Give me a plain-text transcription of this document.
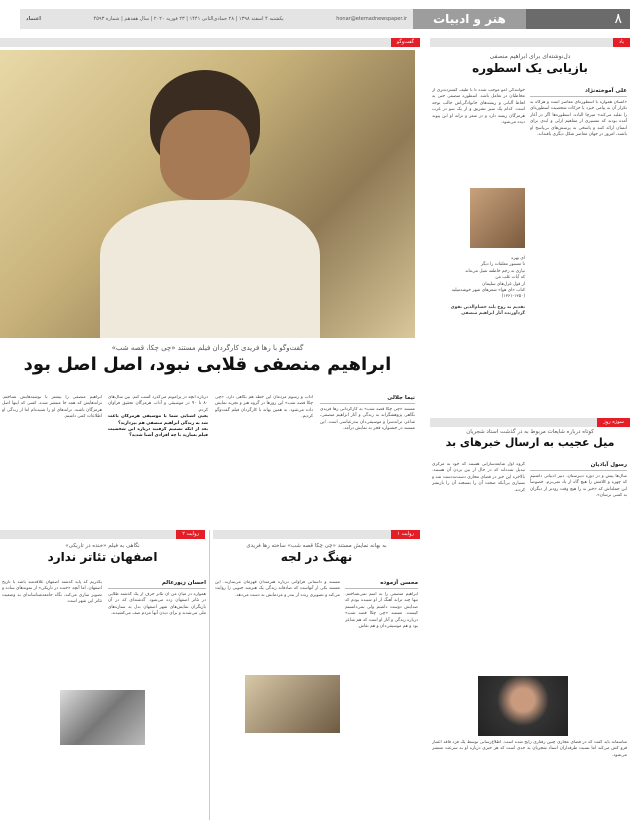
۸
هنر و ادبیات
honar@etemadnewspaper.ir
یکشنبه ۴ اسفند ۱۳۹۸ | ۲۸ جمادی‌الثانی ۱۴۴۱ | ۲۳ فوریه ۲۰۲۰ | سال هفدهم | شماره ۴۵۹۳
اعتماد
یاد
گفت‌وگو
گفت‌وگو با رها فریدی کارگردان فیلم مستند «چی چکا، قصه شب»
ابراهیم منصفی قلابی نبود، اصل اصل بود
نیما جلالی
مستند «چی چکا قصه شب» به کارگردانی رها فریدی نگاهی پژوهشگرانه به زندگی و آثار ابراهیم منصفی، شاعر، ترانه‌سرا و موسیقی‌دان بندرعباسی است. این مستند در جشنواره فجر به نمایش درآمد.
آداب و رسوم مردمان این خطه هم نگاهی دارد. «چی چکا قصه شب» این روزها در گروه هنر و تجربه نمایش داده می‌شود. به همین بهانه با کارگردان فیلم گفت‌وگو کردیم.
درباره آنچه در پرامونم می‌گذرد کسب کنم. بین سال‌های ۸۰ تا ۹۰ در موسیقی و آداب هرمزگان تحقیق فراوان کردم.
یعنی آشنایی شما با موسیقی هرمزگان باعث شد به زندگی ابراهیم منصفی هم بپردازید؟
بعد از آنکه تصمیم گرفتید درباره این شخصیت فیلم بسازید با چه افرادی آشنا شدید؟
ابراهیم منصفی را بیشتر با نوشته‌هایش شناختم. ترانه‌هایش که همه جا منتشر شده، کسی که اینها اصل هرمزگان باشند. ترانه‌های او را شنیده‌ام اما از زندگی او اطلاعات کمی داشتم.
روایت ۱
روایت ۲
به بهانه نمایش مستند «چی چکا قصه شب» ساخته رها فریدی
نهنگ در لجه
محسن آزموده
ابراهیم منصفی را به اسم نمی‌شناختم. تنها چند ترانه آهنگ از او شنیده بودم که صدایش دوست داشتم ولی نمی‌دانستم کیست. مستند «چی چکا قصه شب» درباره زندگی و آثار او است که هم شاعر بود و هم موسیقی‌دان و هم نقاش.
مستند و داستانی فراوانی درباره هنرمندان قهرمان می‌سازند. این مستند یکی از آنهاست که صادقانه زندگی یک هنرمند جنوبی را روایت می‌کند و تصویری زنده از بندر و مردمانش به دست می‌دهد.
نگاهی به فیلم «خنده در تاریکی»
اصفهان تئاتر ندارد
احسان زیورعالم
همواره در میان من آن تئاتر حرف از یک گذشته طلایی در تئاتر اصفهان زده می‌شود. گذشته‌ای که در آن بازیگران نمایش‌های شهر اصفهان بدل به ستاره‌های ملی می‌شدند و برای دیدن آنها مردم صف می‌کشیدند.
بگذریم که پایه گذشته اصفهان علاقه‌مند باشد با تاریخ اصفهان. اما آنچه «خنده در تاریکی» از نمونه‌های ساده و تصویر سازی می‌کند، نگاه جامعه‌شناسانه‌ای به وضعیت تئاتر این شهر است.
دل‌نوشته‌ای برای ابراهیم منصفی
بازیابی یک اسطوره
علی آموخته‌نژاد
«انسان همواره با اسطوره‌ای معاصر است و هرگاه به تکرار آن به پیامی خیزد یا حرکات شخصیت اسطوره‌ای را تقلید می‌کند» میرچا الیاده. اسطوره‌ها اگر در آغاز آمده بودند که تفسیری از مفاهیم ازلی و ابدی برای انسان ارائه کنند و پاسخی به پرسش‌های بی‌پاسخ او باشند، امروز در جهان معاصر شکل دیگری یافته‌اند.
خوانندگی امو موجب شده تا با طیف گسترده‌تری از مخاطبان در تعامل باشد. اسطوره منصفی حتی به لحاظ آلبانی و ریشه‌های خانوادگی‌اش جالب توجه است. کدام یک سیر تشریق و از یک سو در غرب هرمزگان ریشه دارد و در شعر و ترانه او این پیوند دیده می‌شود.
ای بهره
تا مستور معلقات را دیگر
نیازی به زخم خاطفه تفیل می‌ماند
که آیات غلب من
از قول غزل‌های سلیمان
کتاب «ای هوا» شعرهای شهر خوشه‌میلیه (۱۳۵۰-۱۳۶۱)
تقدیم به روح بلند حسام‌الدین تقوی
گردآورنده آثار ابراهیم منصفی
سوژه روز
کوتاه درباره شایعات مربوط به در گذشت استاد شجریان
میل عجیب به ارسال خبرهای بد
رسول آبادیان
سال‌ها پیش و در دوره دبیرستان، دبیر ادبیاتی داشتیم که چهره و کلامش را هیچ گاه از یاد نمی‌برم. خصوصاً این جمله‌اش که «خبر بد را هیچ وقت زودتر از دیگران به کسی نرسان».
گروه اول شایعه‌سازانی هستند که خود به مرکزی تبدیل شده‌اند که در حال از بین بردن آن هستند. بالاخره این خبر در فضای مجازی دست‌به‌دست شد و بسیاری بی‌آنکه صحت آن را بسنجند آن را بازنشر کردند.
متاسفانه باید گفت که در فضای مجازی چنین رفتاری رایج شده است. اطلاع‌رسانی توسط یک فرد فاقد اعتبار فرو کش می‌کند اما نسبت طرفداران استاد شجریان به حدی است که هر خبری درباره او به سرعت منتشر می‌شود.
